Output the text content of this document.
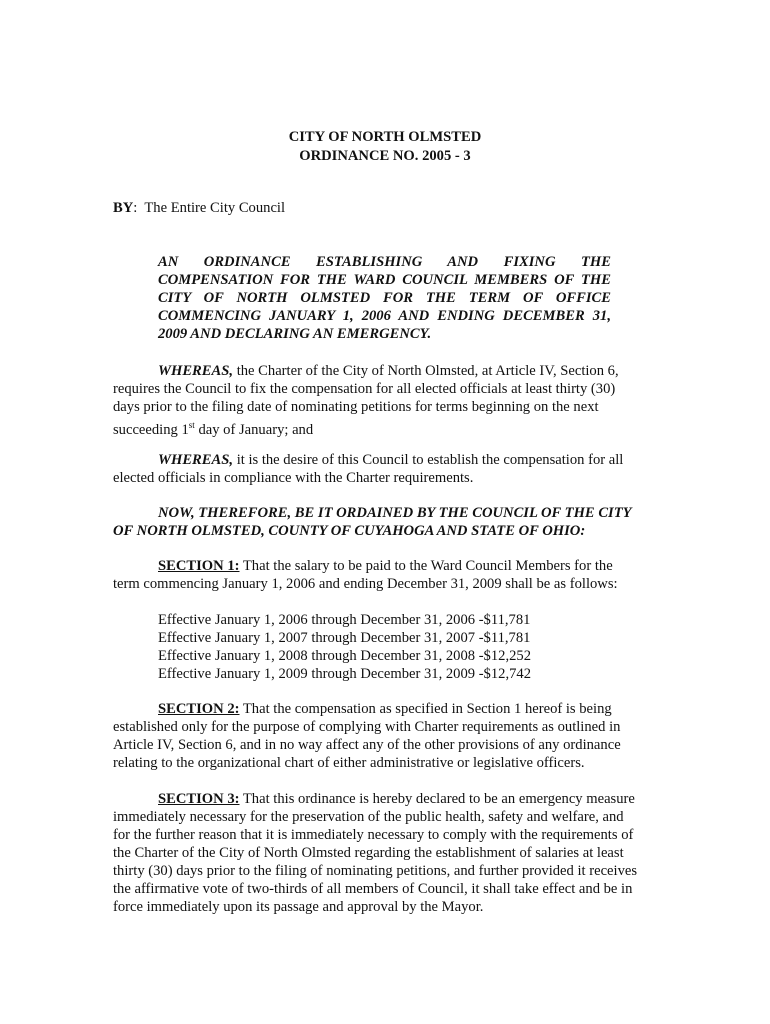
CITY OF NORTH OLMSTED
ORDINANCE NO. 2005 - 3
BY: The Entire City Council
AN ORDINANCE ESTABLISHING AND FIXING THE
COMPENSATION FOR THE WARD COUNCIL MEMBERS OF THE
CITY OF NORTH OLMSTED FOR THE TERM OF OFFICE
COMMENCING JANUARY 1, 2006 AND ENDING DECEMBER 31,
2009 AND DECLARING AN EMERGENCY.
WHEREAS, the Charter of the City of North Olmsted, at Article IV, Section 6,
requires the Council to fix the compensation for all elected officials at least thirty (30)
days prior to the filing date of nominating petitions for terms beginning on the next
succeeding 1st day of January; and
WHEREAS, it is the desire of this Council to establish the compensation for all
elected officials in compliance with the Charter requirements.
NOW, THEREFORE, BE IT ORDAINED BY THE COUNCIL OF THE CITY
OF NORTH OLMSTED, COUNTY OF CUYAHOGA AND STATE OF OHIO:
SECTION 1: That the salary to be paid to the Ward Council Members for the
term commencing January 1, 2006 and ending December 31, 2009 shall be as follows:
Effective January 1, 2006 through December 31, 2006 -$11,781
Effective January 1, 2007 through December 31, 2007 -$11,781
Effective January 1, 2008 through December 31, 2008 -$12,252
Effective January 1, 2009 through December 31, 2009 -$12,742
SECTION 2: That the compensation as specified in Section 1 hereof is being
established only for the purpose of complying with Charter requirements as outlined in
Article IV, Section 6, and in no way affect any of the other provisions of any ordinance
relating to the organizational chart of either administrative or legislative officers.
SECTION 3: That this ordinance is hereby declared to be an emergency measure
immediately necessary for the preservation of the public health, safety and welfare, and
for the further reason that it is immediately necessary to comply with the requirements of
the Charter of the City of North Olmsted regarding the establishment of salaries at least
thirty (30) days prior to the filing of nominating petitions, and further provided it receives
the affirmative vote of two-thirds of all members of Council, it shall take effect and be in
force immediately upon its passage and approval by the Mayor.
